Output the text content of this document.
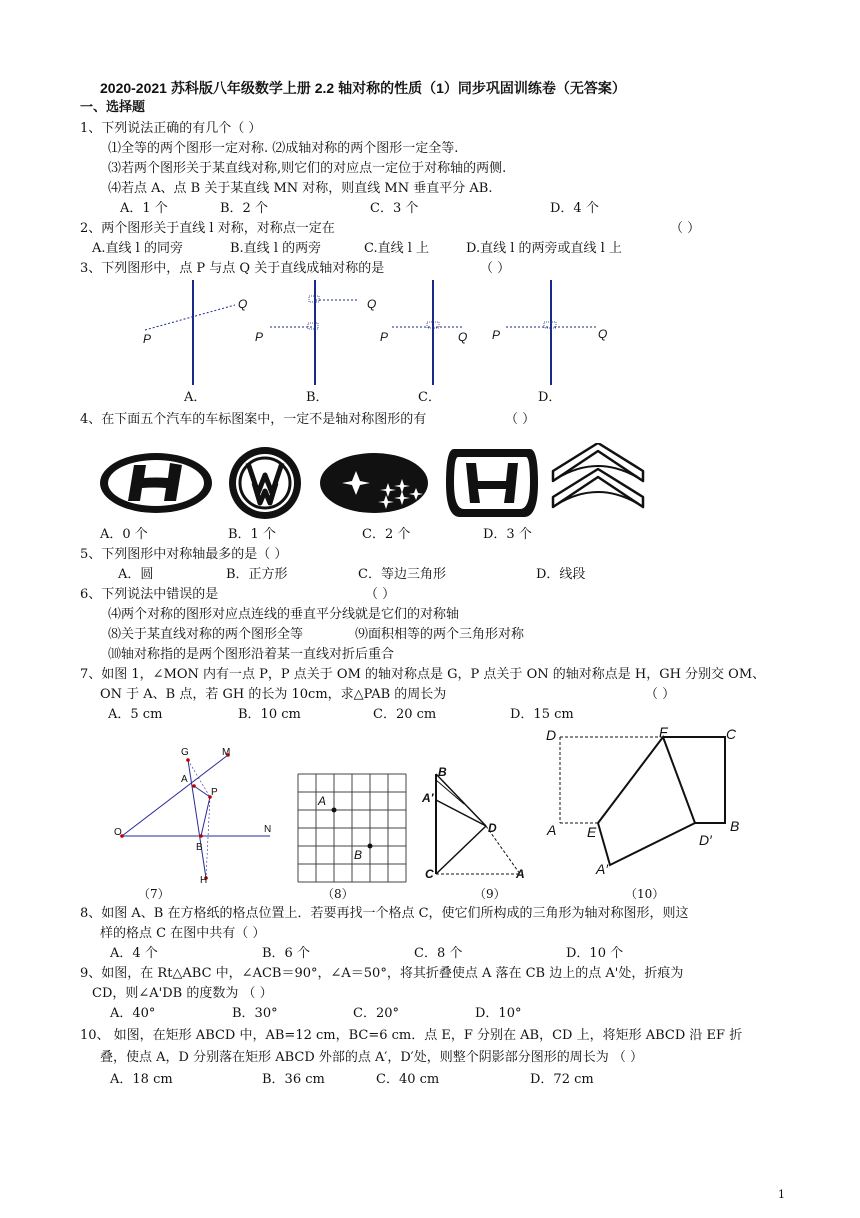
2020-2021 苏科版八年级数学上册 2.2 轴对称的性质（1）同步巩固训练卷（无答案）
一、选择题
1、下列说法正确的有几个（ ）
⑴全等的两个图形一定对称. ⑵成轴对称的两个图形一定全等.
⑶若两个图形关于某直线对称,则它们的对应点一定位于对称轴的两侧.
⑷若点 A、点 B 关于某直线 MN 对称，则直线 MN 垂直平分 AB.
A．1 个	B．2 个	C．3 个	D．4 个
2、两个图形关于直线 l 对称，对称点一定在	（ ）
A.直线 l 的同旁	B.直线 l 的两旁	C.直线 l 上	D.直线 l 的两旁或直线 l 上
3、下列图形中，点 P 与点 Q 关于直线成轴对称的是	（ ）
Q
P
Q
P	P	Q P	Q
A．	B．	C．	D．
4、在下面五个汽车的车标图案中，一定不是轴对称图形的有	（ ）
A．0 个	B．1 个	C．2 个	D．3 个
5、下列图形中对称轴最多的是（ ）
A．圆	B．正方形	C．等边三角形	D．线段
6、下列说法中错误的是	（ ）
⑷两个对称的图形对应点连线的垂直平分线就是它们的对称轴
⑻关于某直线对称的两个图形全等	⑼面积相等的两个三角形对称
⑽轴对称指的是两个图形沿着某一直线对折后重合
7、如图 1，∠MON 内有一点 P，P 点关于 OM 的轴对称点是 G，P 点关于 ON 的轴对称点是 H，GH 分别交 OM、
ON 于 A、B 点，若 GH 的长为 10cm，求△PAB 的周长为	（ ）
A．5 cm	B．10 cm	C．20 cm	D．15 cm
G	M
A
P
O	N
B
H
（7）
A
B
（8）
B
A′
D
C	A
（9）
D	F	C
A E	B
D′
A′
（10）
8、如图 A、B 在方格纸的格点位置上．若要再找一个格点 C，使它们所构成的三角形为轴对称图形，则这
样的格点 C 在图中共有（ ）
A．4 个	B．6 个	C．8 个	D．10 个
9、如图，在 Rt△ABC 中，∠ACB＝90°，∠A＝50°，将其折叠使点 A 落在 CB 边上的点 A'处，折痕为
CD，则∠A'DB 的度数为 （ ）
A．40°	B．30°	C．20°	D．10°
10、 如图，在矩形 ABCD 中，AB=12 cm，BC=6 cm．点 E，F 分别在 AB，CD 上，将矩形 ABCD 沿 EF 折
叠，使点 A，D 分别落在矩形 ABCD 外部的点 A′，D′处，则整个阴影部分图形的周长为 （ ）
A．18 cm	B．36 cm	C．40 cm	D．72 cm
1
